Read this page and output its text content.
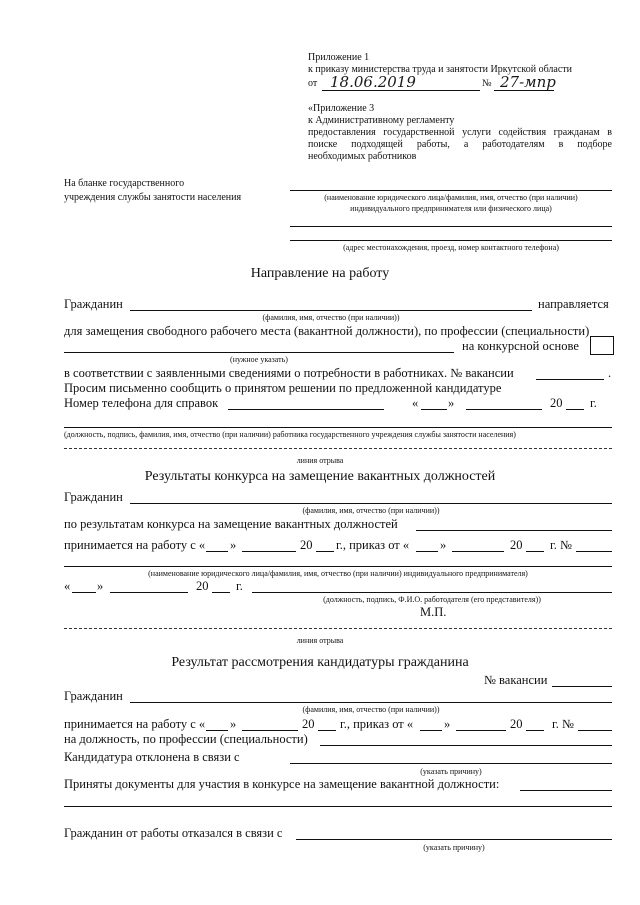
Приложение 1
к приказу министерства труда и занятости Иркутской области
от 18.06.2019	№ 27-мпр
«Приложение 3
к Административному регламенту
предоставления государственной услуги содействия гражданам в
поиске подходящей работы, а работодателям в подборе
необходимых работников
На бланке государственного
учреждения службы занятости населения	(наименование юридического лица/фамилия, имя, отчество (при наличии)
индивидуального предпринимателя или физического лица)
(адрес местонахождения, проезд, номер контактного телефона)
Направление на работу
Гражданин	направляется
(фамилия, имя, отчество (при наличии))
для замещения свободного рабочего места (вакантной должности), по профессии (специальности)
на конкурсной основе
(нужное указать)
в соответствии с заявленными сведениями о потребности в работниках. № вакансии	.
Просим письменно сообщить о принятом решении по предложенной кандидатуре
Номер телефона для справок	« »	20 г.
(должность, подпись, фамилия, имя, отчество (при наличии) работника государственного учреждения службы занятости населения)
линия отрыва
Результаты конкурса на замещение вакантных должностей
Гражданин
(фамилия, имя, отчество (при наличии))
по результатам конкурса на замещение вакантных должностей
принимается на работу с « »	20 г., приказ от « »	20 г. №
(наименование юридического лица/фамилия, имя, отчество (при наличии) индивидуального предпринимателя)
« »	20 г.
(должность, подпись, Ф.И.О. работодателя (его представителя))
М.П.
линия отрыва
Результат рассмотрения кандидатуры гражданина
№ вакансии
Гражданин
(фамилия, имя, отчество (при наличии))
принимается на работу с « »	20 г., приказ от « »	20 г. №
на должность, по профессии (специальности)
Кандидатура отклонена в связи с
(указать причину)
Приняты документы для участия в конкурсе на замещение вакантной должности:
Гражданин от работы отказался в связи с
(указать причину)
